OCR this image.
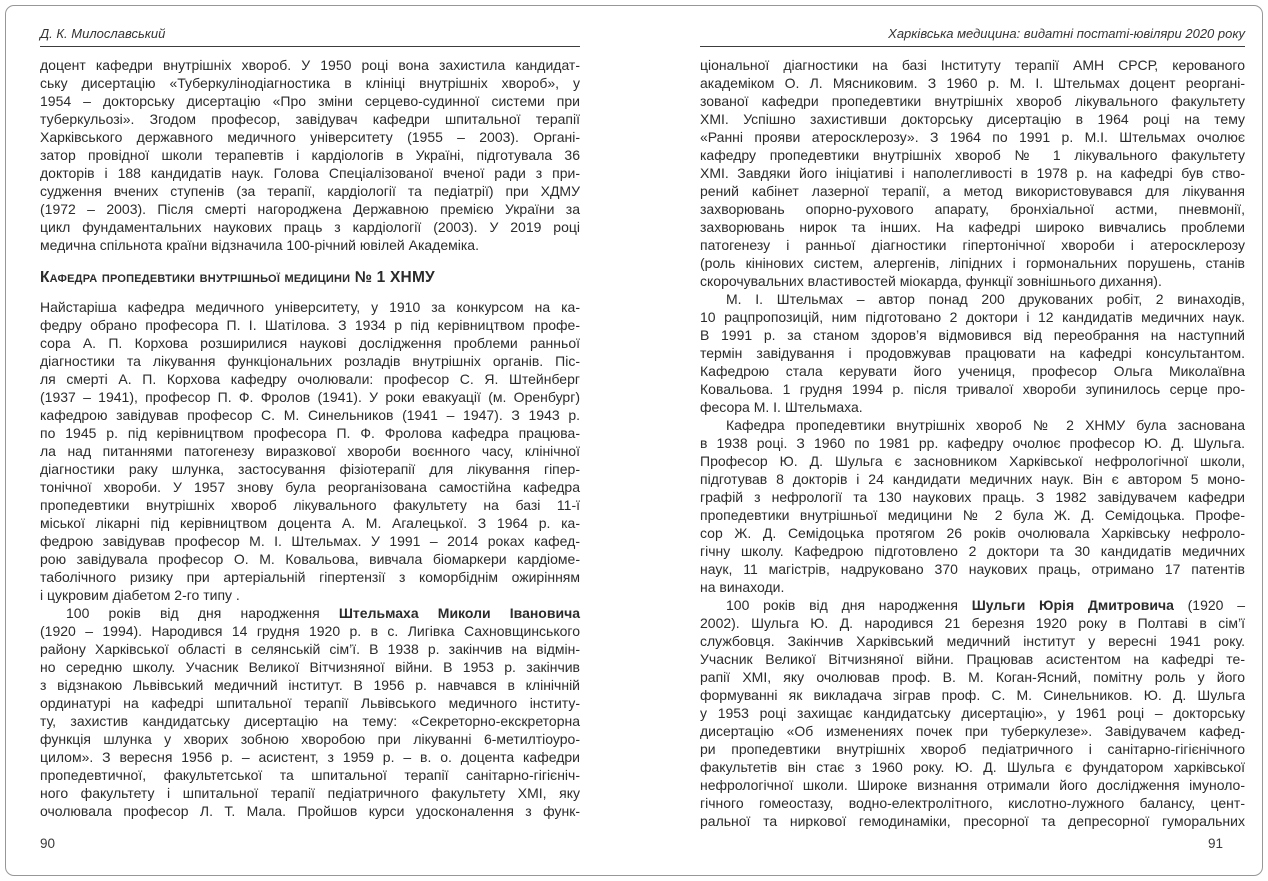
Д. К. Милославський
доцент кафедри внутрішніх хвороб. У 1950 році вона захистила кандидат-
ську дисертацію «Туберкулінодіагностика в клініці внутрішніх хвороб», у
1954 – докторську дисертацію «Про зміни серцево-судинної системи при
туберкульозі». Згодом професор, завідувач кафедри шпитальної терапії
Харківського державного медичного університету (1955 – 2003). Органі-
затор провідної школи терапевтів і кардіологів в Україні, підготувала 36
докторів і 188 кандидатів наук. Голова Спеціалізованої вченої ради з при-
судження вчених ступенів (за терапії, кардіології та педіатрії) при ХДМУ
(1972 – 2003). Після смерті нагороджена Державною премією України за
цикл фундаментальних наукових праць з кардіології (2003). У 2019 році
медична спільнота країни відзначила 100-річний ювілей Академіка.
Кафедра пропедевтики внутрішньої медицини № 1 ХНМУ
Найстаріша кафедра медичного університету, у 1910 за конкурсом на ка-
федру обрано професора П. І. Шатілова. З 1934 р під керівництвом профе-
сора А. П. Корхова розширилися наукові дослідження проблеми ранньої
діагностики та лікування функціональних розладів внутрішніх органів. Піс-
ля смерті А. П. Корхова кафедру очолювали: професор С. Я. Штейнберг
(1937 – 1941), професор П. Ф. Фролов (1941). У роки евакуації (м. Оренбург)
кафедрою завідував професор С. М. Синельников (1941 – 1947). З 1943 р.
по 1945 р. під керівництвом професора П. Ф. Фролова кафедра працюва-
ла над питаннями патогенезу виразкової хвороби воєнного часу, клінічної
діагностики раку шлунка, застосування фізіотерапії для лікування гіпер-
тонічної хвороби. У 1957 знову була реорганізована самостійна кафедра
пропедевтики внутрішніх хвороб лікувального факультету на базі 11-ї
міської лікарні під керівництвом доцента А. М. Агалецької. З 1964 р. ка-
федрою завідував професор М. І. Штельмах. У 1991 – 2014 роках кафед-
рою завідувала професор О. М. Ковальова, вивчала біомаркери кардіоме-
таболічного ризику при артеріальній гіпертензії з коморбіднім ожирінням
і цукровим діабетом 2-го типу .
100 років від дня народження Штельмаха Миколи Івановича
(1920 – 1994). Народився 14 грудня 1920 р. в с. Лигівка Сахновщинського
району Харківської області в селянській сім’ї. В 1938 р. закінчив на відмін-
но середню школу. Учасник Великої Вітчизняної війни. В 1953 р. закінчив
з відзнакою Львівський медичний інститут. В 1956 р. навчався в клінічній
ординатурі на кафедрі шпитальної терапії Львівського медичного інститу-
ту, захистив кандидатську дисертацію на тему: «Секреторно-екскреторна
функція шлунка у хворих зобною хворобою при лікуванні 6-метилтіоуро-
цилом». З вересня 1956 р. – асистент, з 1959 р. – в. о. доцента кафедри
пропедевтичної, факультетської та шпитальної терапії санітарно-гігієніч-
ного факультету і шпитальної терапії педіатричного факультету ХМІ, яку
очолювала професор Л. Т. Мала. Пройшов курси удосконалення з функ-
90
Харківська медицина: видатні постаті-ювіляри 2020 року
ціональної діагностики на базі Інституту терапії АМН СРСР, керованого
академіком О. Л. Мясниковим. З 1960 р. М. І. Штельмах доцент реоргані-
зованої кафедри пропедевтики внутрішніх хвороб лікувального факультету
ХМІ. Успішно захистивши докторську дисертацію в 1964 році на тему
«Ранні прояви атеросклерозу». З 1964 по 1991 р. М.І. Штельмах очолює
кафедру пропедевтики внутрішніх хвороб № 1 лікувального факультету
ХМІ. Завдяки його ініціативі і наполегливості в 1978 р. на кафедрі був ство-
рений кабінет лазерної терапії, а метод використовувався для лікування
захворювань опорно-рухового апарату, бронхіальної астми, пневмонії,
захворювань нирок та інших. На кафедрі широко вивчались проблеми
патогенезу і ранньої діагностики гіпертонічної хвороби і атеросклерозу
(роль кінінових систем, алергенів, ліпідних і гормональних порушень, станів
скорочувальних властивостей міокарда, функції зовнішнього дихання).
М. І. Штельмах – автор понад 200 друкованих робіт, 2 винаходів,
10 рацпропозицій, ним підготовано 2 доктори і 12 кандидатів медичних наук.
В 1991 р. за станом здоров’я відмовився від переобрання на наступний
термін завідування і продовжував працювати на кафедрі консультантом.
Кафедрою стала керувати його учениця, професор Ольга Миколаївна
Ковальова. 1 грудня 1994 р. після тривалої хвороби зупинилось серце про-
фесора М. І. Штельмаха.
Кафедра пропедевтики внутрішніх хвороб № 2 ХНМУ була заснована
в 1938 році. З 1960 по 1981 рр. кафедру очолює професор Ю. Д. Шульга.
Професор Ю. Д. Шульга є засновником Харківської нефрологічної школи,
підготував 8 докторів і 24 кандидати медичних наук. Він є автором 5 моно-
графій з нефрології та 130 наукових праць. З 1982 завідувачем кафедри
пропедевтики внутрішньої медицини № 2 була Ж. Д. Семідоцька. Профе-
сор Ж. Д. Семідоцька протягом 26 років очолювала Харківську нефроло-
гічну школу. Кафедрою підготовлено 2 доктори та 30 кандидатів медичних
наук, 11 магістрів, надруковано 370 наукових праць, отримано 17 патентів
на винаходи.
100 років від дня народження Шульги Юрія Дмитровича (1920 –
2002). Шульга Ю. Д. народився 21 березня 1920 року в Полтаві в сім’ї
службовця. Закінчив Харківський медичний інститут у вересні 1941 року.
Учасник Великої Вітчизняної війни. Працював асистентом на кафедрі те-
рапії ХМІ, яку очолював проф. В. М. Коган-Ясний, помітну роль у його
формуванні як викладача зіграв проф. С. М. Синельников. Ю. Д. Шульга
у 1953 році захищає кандидатську дисертацію», у 1961 році – докторську
дисертацію «Об изменениях почек при туберкулезе». Завідувачем кафед-
ри пропедевтики внутрішніх хвороб педіатричного і санітарно-гігієнічного
факультетів він стає з 1960 року. Ю. Д. Шульга є фундатором харківської
нефрологічної школи. Широке визнання отримали його дослідження імуноло-
гічного гомеостазу, водно-електролітного, кислотно-лужного балансу, цент-
ральної та ниркової гемодинаміки, пресорної та депресорної гуморальних
91
